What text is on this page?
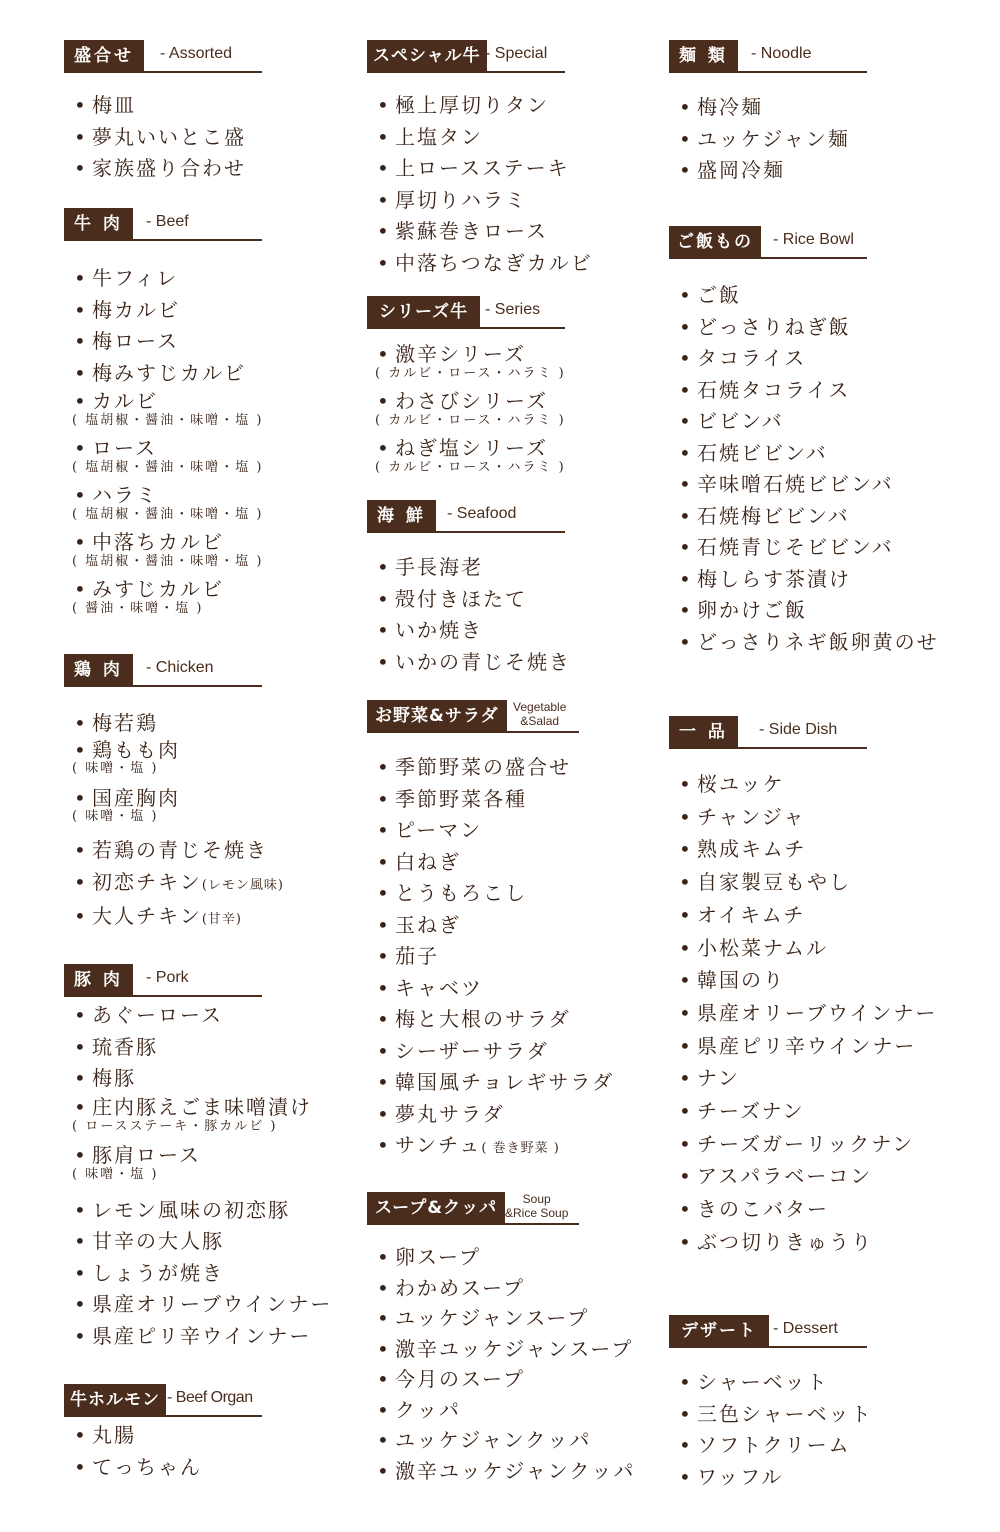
盛合せ	- Assorted
• 梅皿
• 夢丸いいとこ盛
• 家族盛り合わせ
牛 肉	- Beef
• 牛フィレ
• 梅カルビ
• 梅ロース
• 梅みすじカルビ
• カルビ
( 塩胡椒・醤油・味噌・塩 )
• ロース
( 塩胡椒・醤油・味噌・塩 )
• ハラミ
( 塩胡椒・醤油・味噌・塩 )
• 中落ちカルビ
( 塩胡椒・醤油・味噌・塩 )
• みすじカルビ
( 醤油・味噌・塩 )
鶏 肉	- Chicken
• 梅若鶏
• 鶏もも肉
( 味噌・塩 )
• 国産胸肉
( 味噌・塩 )
• 若鶏の青じそ焼き
• 初恋チキン(レモン風味)
• 大人チキン(甘辛)
豚 肉	- Pork
• あぐーロース
• 琉香豚
• 梅豚
• 庄内豚えごま味噌漬け
( ロースステーキ・豚カルビ )
• 豚肩ロース
( 味噌・塩 )
• レモン風味の初恋豚
• 甘辛の大人豚
• しょうが焼き
• 県産オリーブウインナー
• 県産ピリ辛ウインナー
牛ホルモン - Beef Organ
• 丸腸
• てっちゃん
スペシャル牛 - Special
• 極上厚切りタン
• 上塩タン
• 上ロースステーキ
• 厚切りハラミ
• 紫蘇巻きロース
• 中落ちつなぎカルビ
シリーズ牛	- Series
• 激辛シリーズ
( カルビ・ロース・ハラミ )
• わさびシリーズ
( カルビ・ロース・ハラミ )
• ねぎ塩シリーズ
( カルビ・ロース・ハラミ )
海 鮮	- Seafood
• 手長海老
• 殻付きほたて
• いか焼き
• いかの青じそ焼き
お野菜&サラダ	Vegetable
&Salad
• 季節野菜の盛合せ
• 季節野菜各種
• ピーマン
• 白ねぎ
• とうもろこし
• 玉ねぎ
• 茄子
• キャベツ
• 梅と大根のサラダ
• シーザーサラダ
• 韓国風チョレギサラダ
• 夢丸サラダ
• サンチュ( 巻き野菜 )
スープ&クッパ	Soup
&Rice Soup
• 卵スープ
• わかめスープ
• ユッケジャンスープ
• 激辛ユッケジャンスープ
• 今月のスープ
• クッパ
• ユッケジャンクッパ
• 激辛ユッケジャンクッパ
麺 類	- Noodle
• 梅冷麺
• ユッケジャン麺
• 盛岡冷麺
ご飯もの	- Rice Bowl
• ご飯
• どっさりねぎ飯
• タコライス
• 石焼タコライス
• ビビンバ
• 石焼ビビンバ
• 辛味噌石焼ビビンバ
• 石焼梅ビビンバ
• 石焼青じそビビンバ
• 梅しらす茶漬け
• 卵かけご飯
• どっさりネギ飯卵黄のせ
一 品	- Side Dish
• 桜ユッケ
• チャンジャ
• 熟成キムチ
• 自家製豆もやし
• オイキムチ
• 小松菜ナムル
• 韓国のり
• 県産オリーブウインナー
• 県産ピリ辛ウインナー
• ナン
• チーズナン
• チーズガーリックナン
• アスパラベーコン
• きのこバター
• ぶつ切りきゅうり
デザート	- Dessert
• シャーベット
• 三色シャーベット
• ソフトクリーム
• ワッフル
